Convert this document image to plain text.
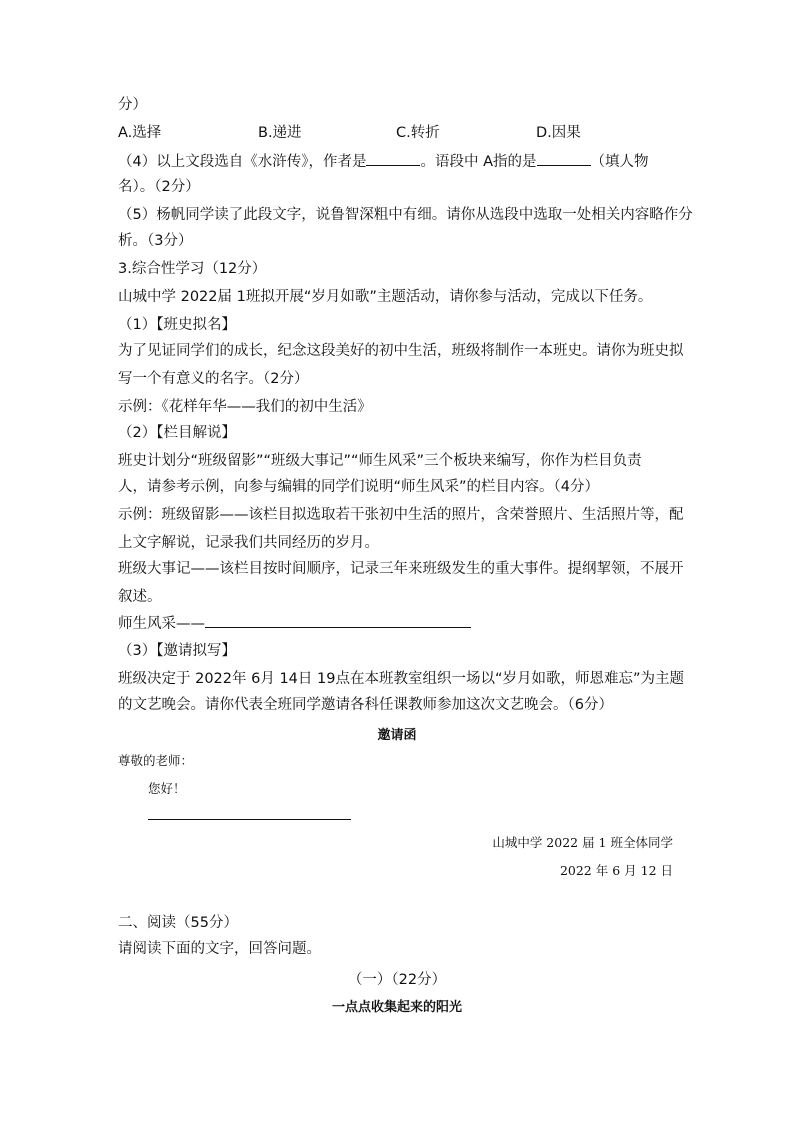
分）
A.选择	B.递进	C.转折	D.因果
（4）以上文段选自《水浒传》，作者是	。语段中 A指的是	（填人物
名）。（2分）
（5）杨帆同学读了此段文字，说鲁智深粗中有细。请你从选段中选取一处相关内容略作分
析。（3分）
3.综合性学习（12分）
山城中学 2022届 1班拟开展“岁月如歌”主题活动，请你参与活动，完成以下任务。
（1）【班史拟名】
为了见证同学们的成长，纪念这段美好的初中生活，班级将制作一本班史。请你为班史拟
写一个有意义的名字。（2分）
示例：《花样年华——我们的初中生活》
（2）【栏目解说】
班史计划分“班级留影”“班级大事记”“师生风采”三个板块来编写，你作为栏目负责
人，请参考示例，向参与编辑的同学们说明“师生风采”的栏目内容。（4分）
示例：班级留影——该栏目拟选取若干张初中生活的照片，含荣誉照片、生活照片等，配
上文字解说，记录我们共同经历的岁月。
班级大事记——该栏目按时间顺序，记录三年来班级发生的重大事件。提纲挈领，不展开
叙述。
师生风采——
（3）【邀请拟写】
班级决定于 2022年 6月 14日 19点在本班教室组织一场以“岁月如歌，师恩难忘”为主题
的文艺晚会。请你代表全班同学邀请各科任课教师参加这次文艺晚会。（6分）
邀请函
尊敬的老师：
您好！
山城中学 2022 届 1 班全体同学
2022 年 6 月 12 日
二、阅读（55分）
请阅读下面的文字，回答问题。
（一）（22分）
一点点收集起来的阳光
